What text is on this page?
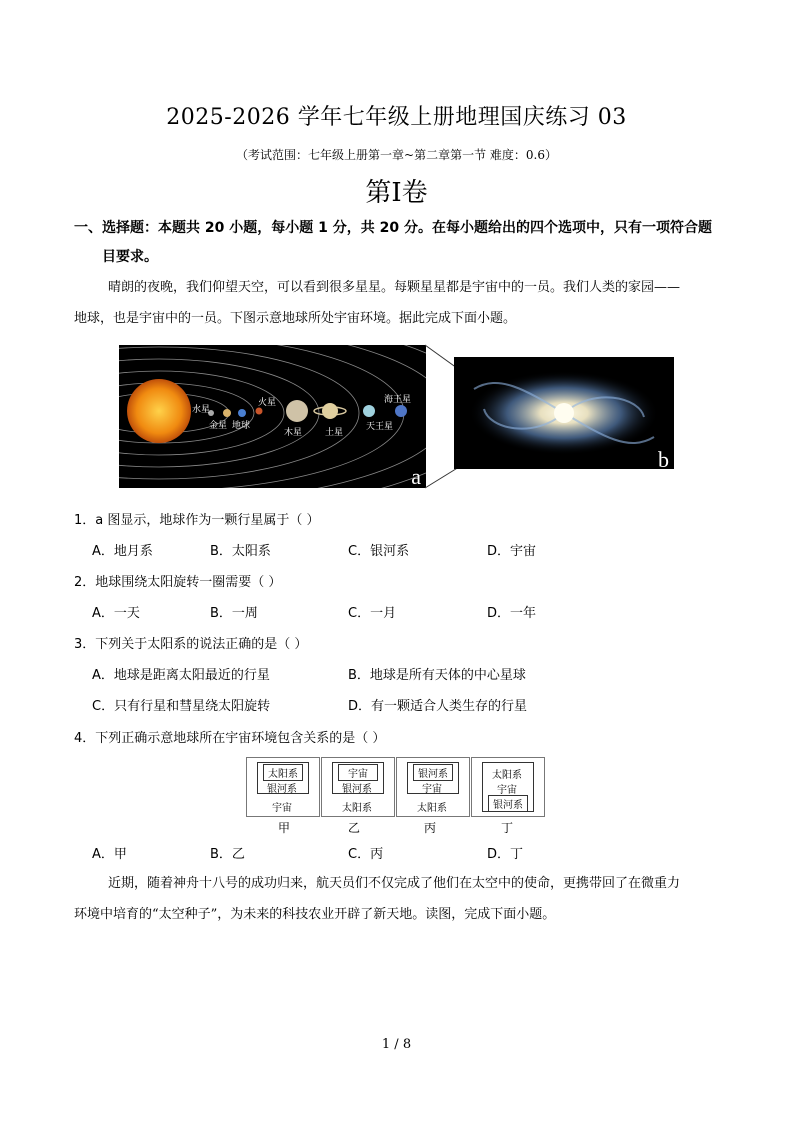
2025-2026 学年七年级上册地理国庆练习 03
（考试范围：七年级上册第一章~第二章第一节 难度：0.6）
第I卷
一、选择题：本题共 20 小题，每小题 1 分，共 20 分。在每小题给出的四个选项中，只有一项符合题
目要求。
晴朗的夜晚，我们仰望天空，可以看到很多星星。每颗星星都是宇宙中的一员。我们人类的家园——
地球，也是宇宙中的一员。下图示意地球所处宇宙环境。据此完成下面小题。
水星
金星 地球
火星
木星	土星
天王星
海王星
a
b
1．a 图显示，地球作为一颗行星属于（ ）
A．地月系	B．太阳系	C．银河系	D．宇宙
2．地球围绕太阳旋转一圈需要（ ）
A．一天	B．一周	C．一月	D．一年
3．下列关于太阳系的说法正确的是（ ）
A．地球是距离太阳最近的行星	B．地球是所有天体的中心星球
C．只有行星和彗星绕太阳旋转	D．有一颗适合人类生存的行星
4．下列正确示意地球所在宇宙环境包含关系的是（ ）
太阳系
银河系
宇宙
宇宙
银河系
太阳系
银河系
宇宙
太阳系
太阳系
宇宙
银河系
甲	乙	丙	丁
A．甲	B．乙	C．丙	D．丁
近期，随着神舟十八号的成功归来，航天员们不仅完成了他们在太空中的使命，更携带回了在微重力
环境中培育的“太空种子”，为未来的科技农业开辟了新天地。读图，完成下面小题。
1 / 8
